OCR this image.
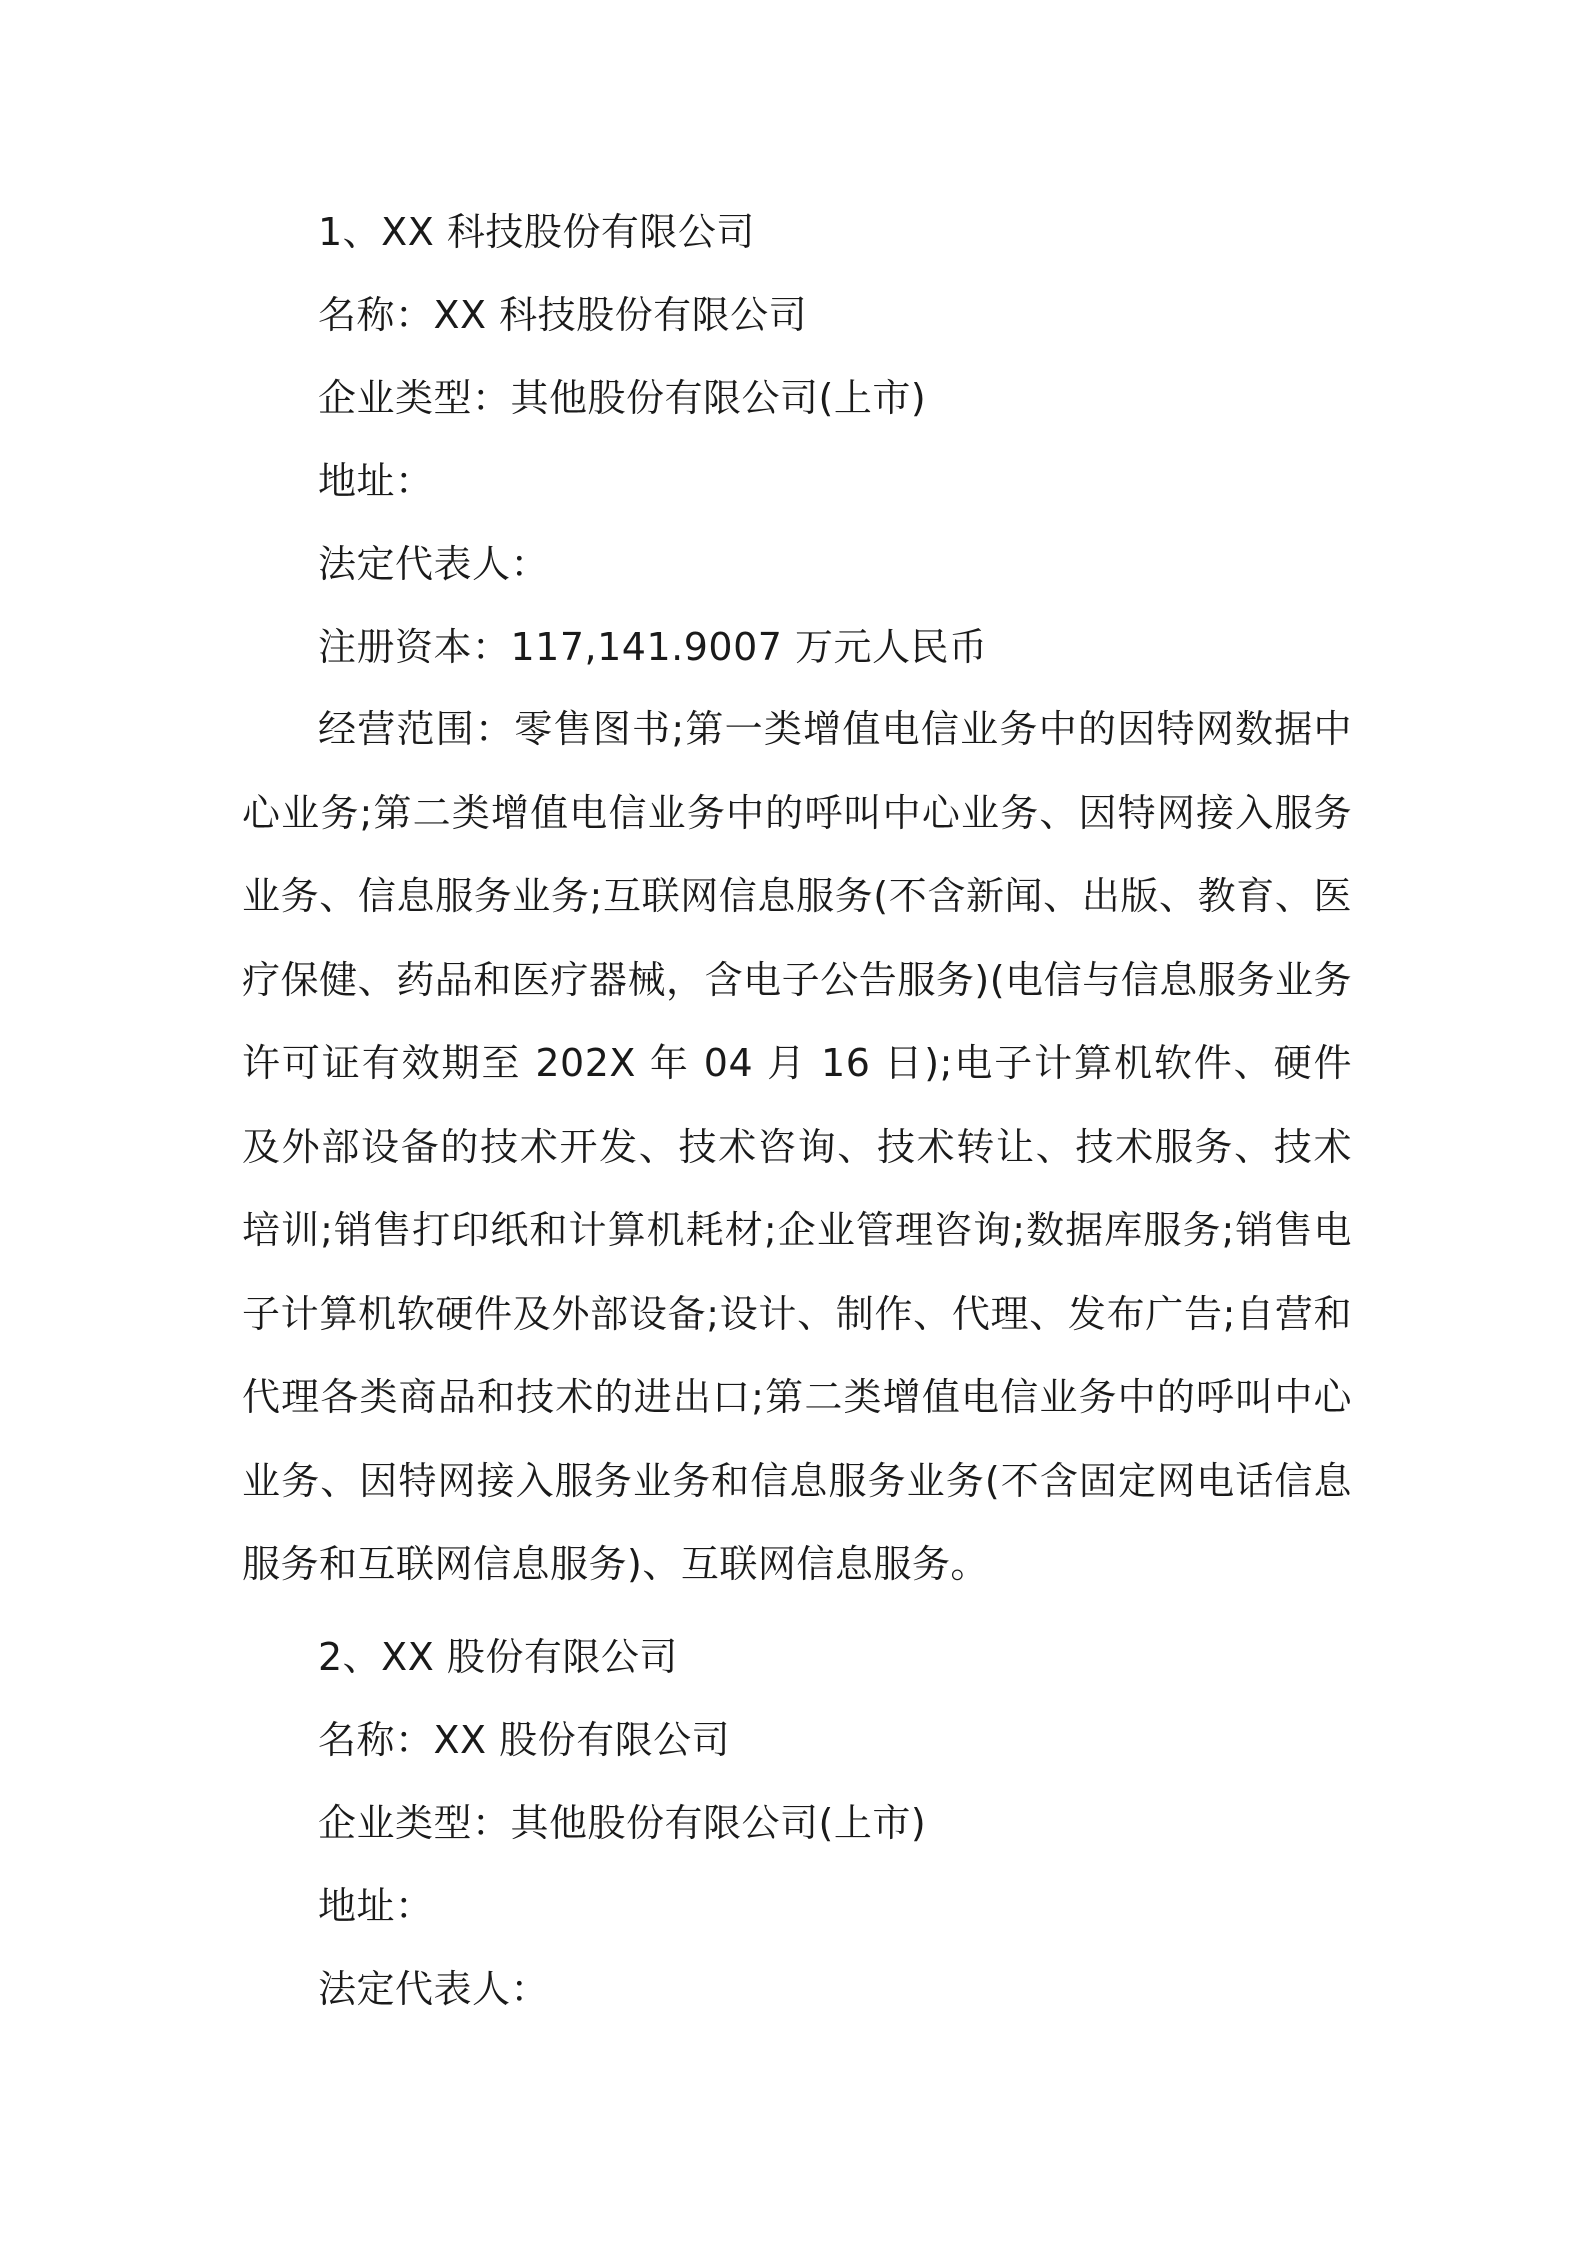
1、XX 科技股份有限公司
名称：XX 科技股份有限公司
企业类型：其他股份有限公司(上市)
地址：
法定代表人：
注册资本：117,141.9007 万元人民币

经营范围：零售图书;第一类增值电信业务中的因特网数据中心业务;第二类增值电信业务中的呼叫中心业务、因特网接入服务业务、信息服务业务;互联网信息服务(不含新闻、出版、教育、医疗保健、药品和医疗器械，含电子公告服务)(电信与信息服务业务许可证有效期至 202X 年 04 月 16 日);电子计算机软件、硬件及外部设备的技术开发、技术咨询、技术转让、技术服务、技术培训;销售打印纸和计算机耗材;企业管理咨询;数据库服务;销售电子计算机软硬件及外部设备;设计、制作、代理、发布广告;自营和代理各类商品和技术的进出口;第二类增值电信业务中的呼叫中心业务、因特网接入服务业务和信息服务业务(不含固定网电话信息服务和互联网信息服务)、互联网信息服务。

2、XX 股份有限公司
名称：XX 股份有限公司
企业类型：其他股份有限公司(上市)
地址：
法定代表人：
